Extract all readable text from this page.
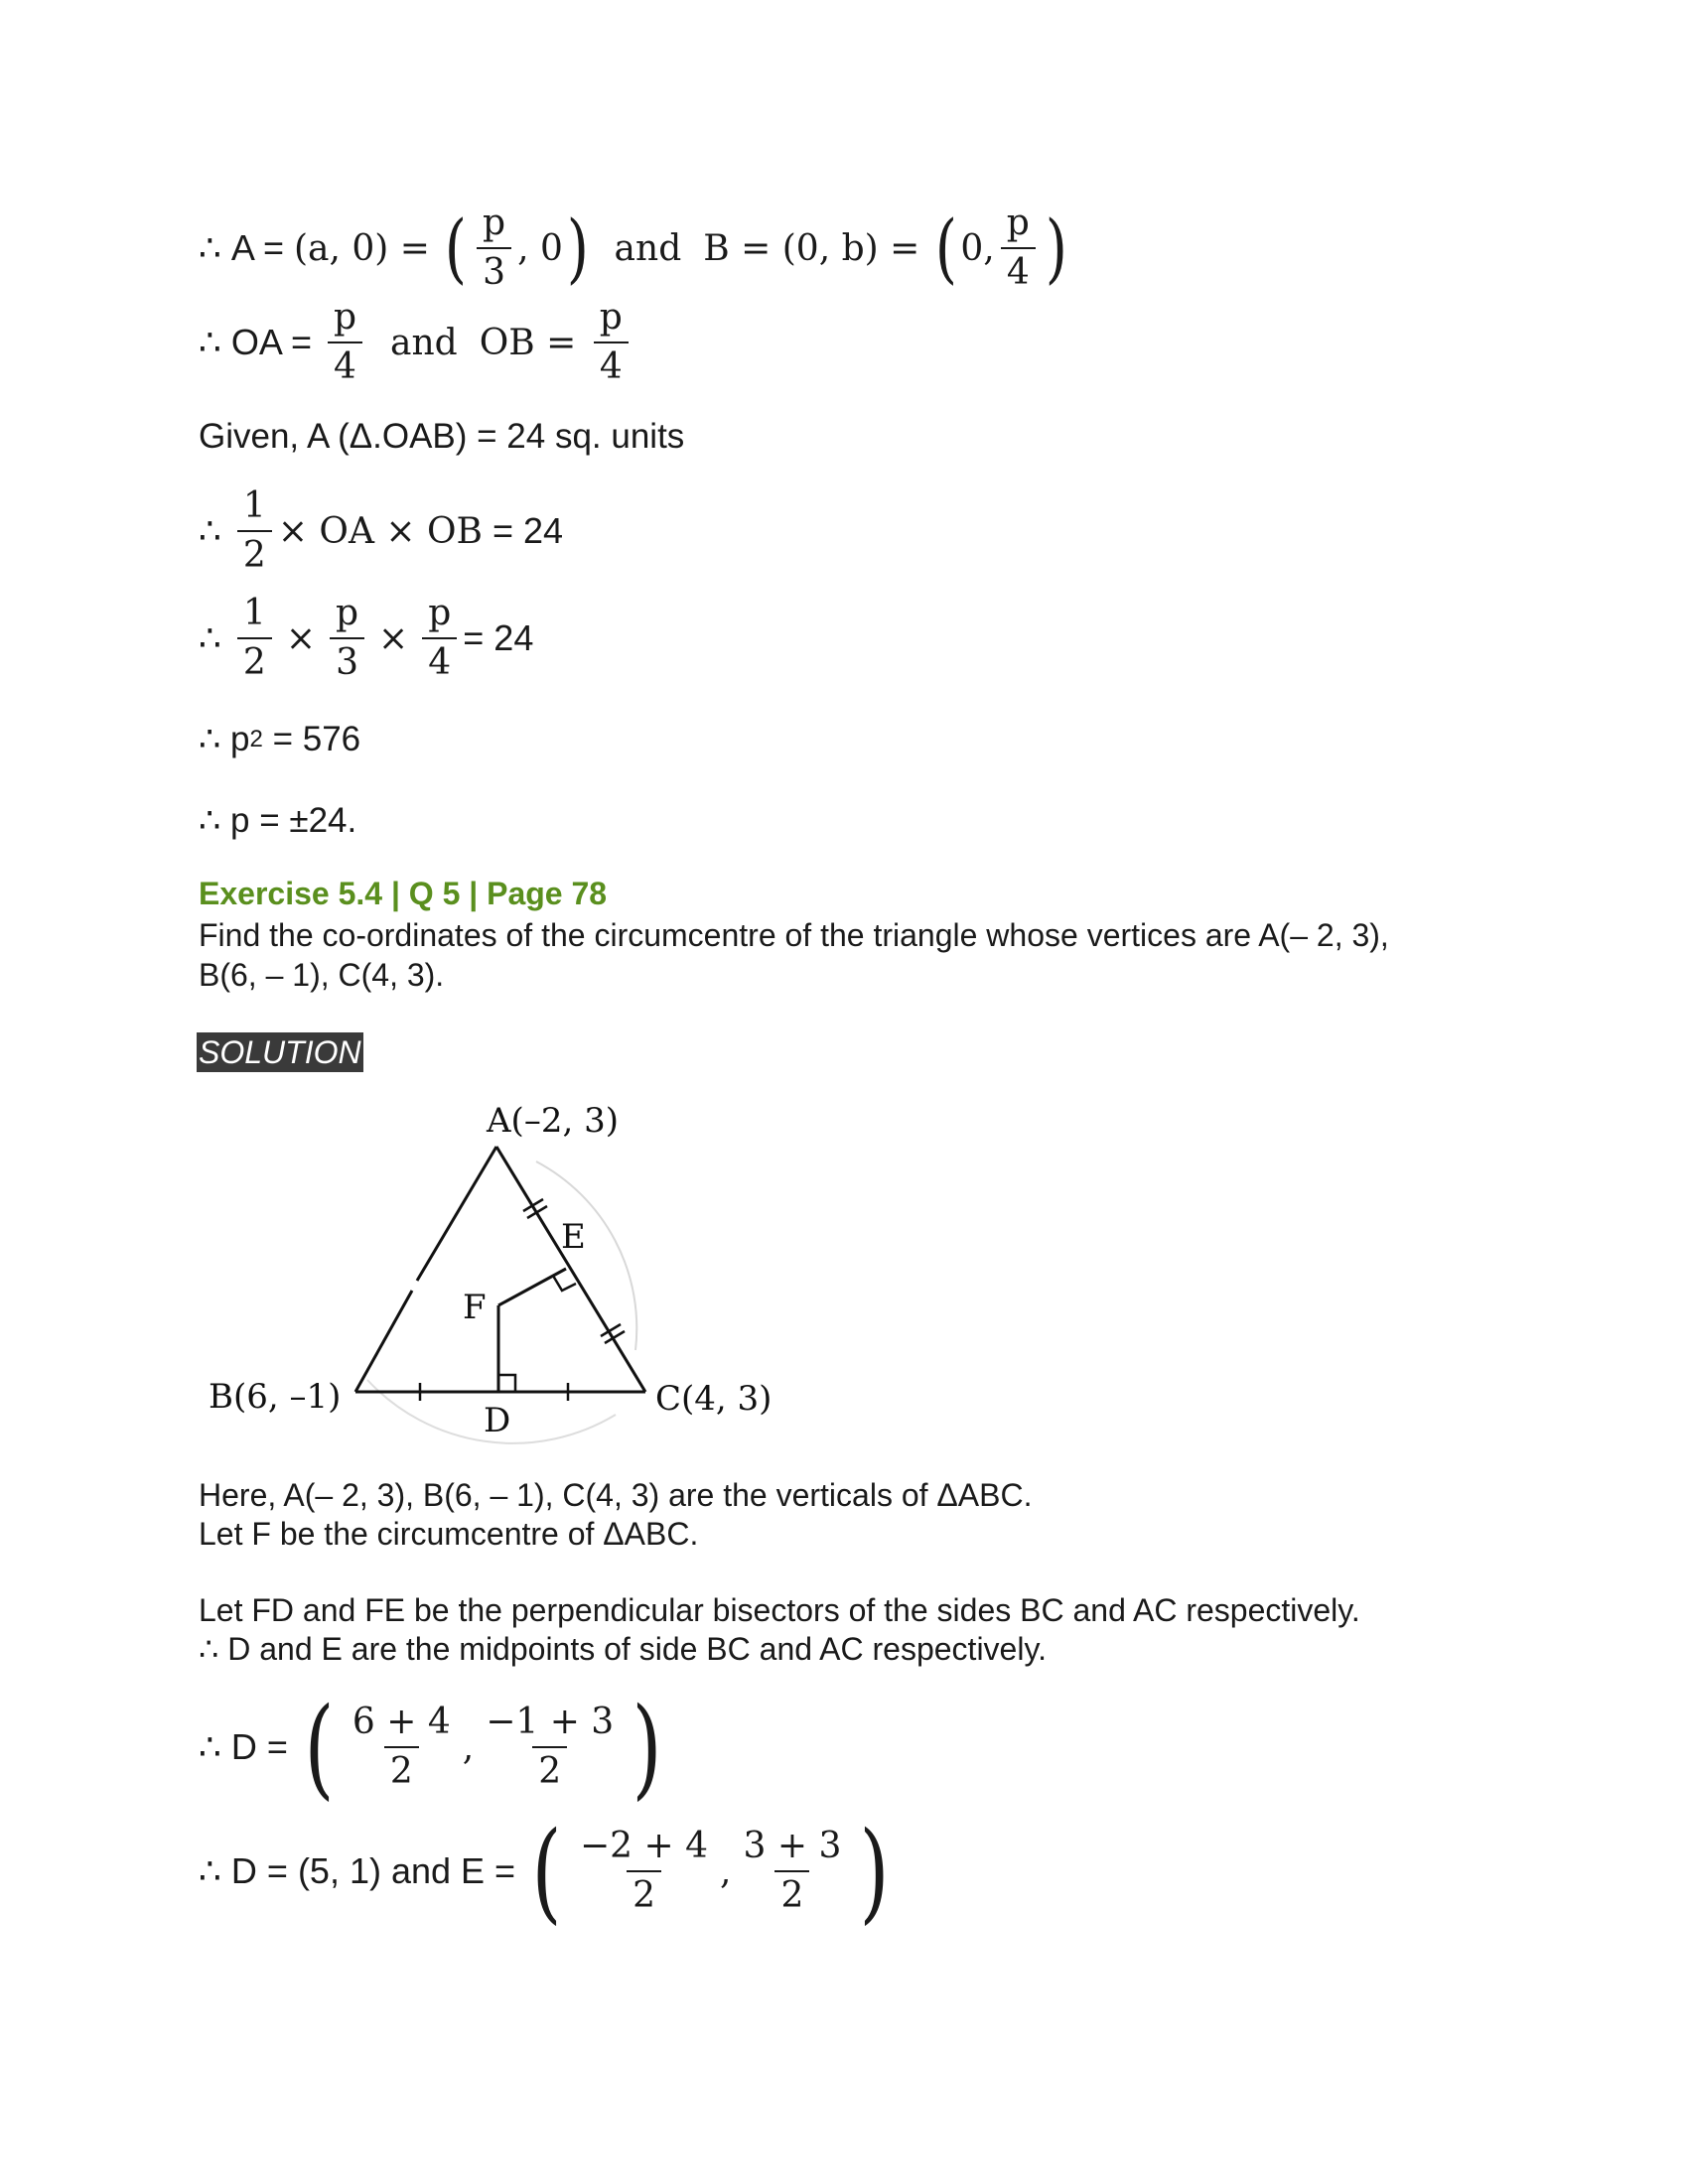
∴
A = (a, 0) = ( $\frac{p}{3}$ , 0 ) and B = (0, b) = ( 0, $\frac{p}{4}$ )
∴
OA = $\frac{p}{4}$ and OB = $\frac{p}{4}$
Given, A (Δ.OAB) = 24 sq. units
∴
$\frac{1}{2}$ × OA × OB = 24
∴
$\frac{1}{2} \times \frac{p}{3} \times \frac{p}{4} = 24$
∴
p 2 = 576
∴
p = ±24.
Exercise 5.4 | Q 5 | Page 78
Find the co-ordinates of the circumcentre of the triangle whose vertices are A(– 2, 3),
B(6, – 1), C(4, 3).
SOLUTION
A(–2, 3)
B(6, –1)	C(4, 3)
D
E
F
Here, A(– 2, 3), B(6, – 1), C(4, 3) are the verticals of ΔABC.
Let F be the circumcentre of ΔABC.
Let FD and FE be the perpendicular bisectors of the sides BC and AC respectively.
∴ D and E are the midpoints of side BC and AC respectively.
∴
D = ( $\frac{6 + 4}{2}$ , $\frac{-1 + 3}{2}$ )
∴
D = (5, 1) and E = ( $\frac{-2 + 4}{2}$ , $\frac{3 + 3}{2}$ )
